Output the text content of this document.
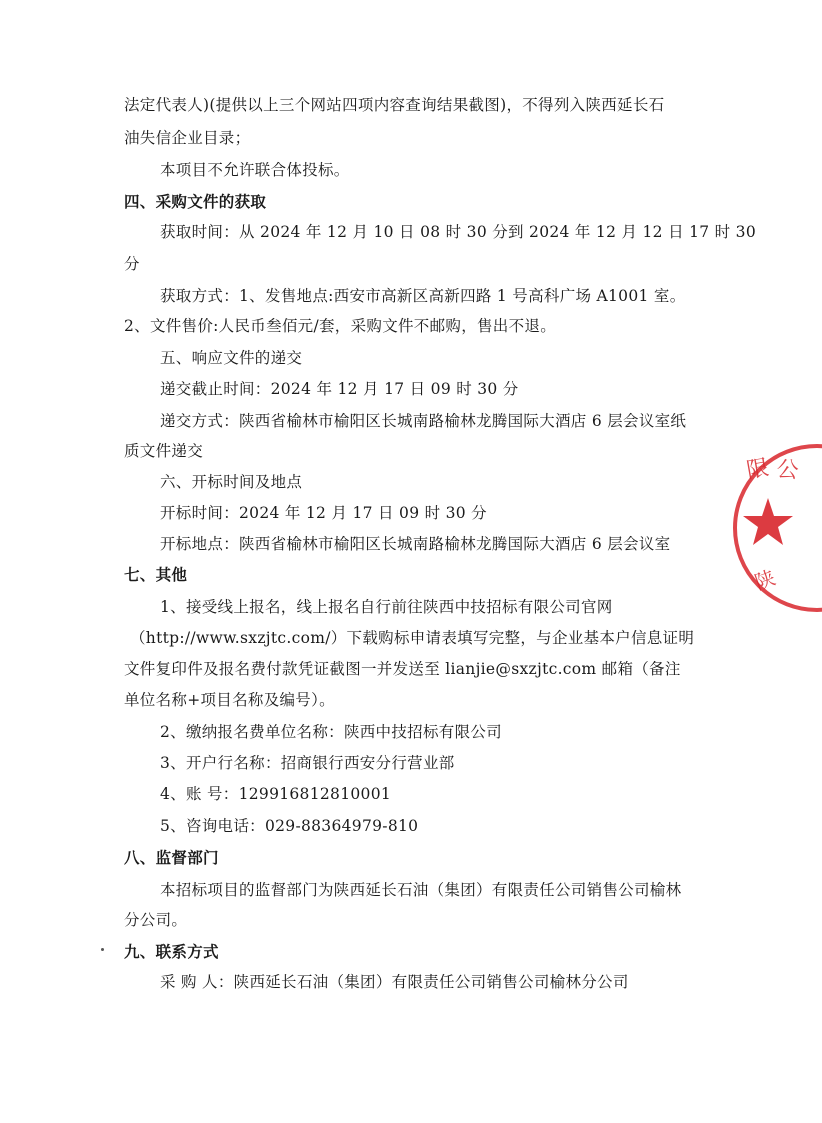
法定代表人)(提供以上三个网站四项内容查询结果截图)，不得列入陕西延长石
油失信企业目录；
本项目不允许联合体投标。
四、采购文件的获取
获取时间：从 2024 年 12 月 10 日 08 时 30 分到 2024 年 12 月 12 日 17 时 30
分
获取方式：1、发售地点:西安市高新区高新四路 1 号高科广场 A1001 室。
2、文件售价:人民币叁佰元/套，采购文件不邮购，售出不退。
五、响应文件的递交
递交截止时间：2024 年 12 月 17 日 09 时 30 分
递交方式：陕西省榆林市榆阳区长城南路榆林龙腾国际大酒店 6 层会议室纸
质文件递交
六、开标时间及地点
开标时间：2024 年 12 月 17 日 09 时 30 分
开标地点：陕西省榆林市榆阳区长城南路榆林龙腾国际大酒店 6 层会议室
七、其他
1、接受线上报名，线上报名自行前往陕西中技招标有限公司官网
（http://www.sxzjtc.com/）下载购标申请表填写完整，与企业基本户信息证明
文件复印件及报名费付款凭证截图一并发送至 lianjie@sxzjtc.com 邮箱（备注
单位名称+项目名称及编号）。
2、缴纳报名费单位名称：陕西中技招标有限公司
3、开户行名称：招商银行西安分行营业部
4、账 号：129916812810001
5、咨询电话：029-88364979-810
八、监督部门
本招标项目的监督部门为陕西延长石油（集团）有限责任公司销售公司榆林
分公司。
九、联系方式
采 购 人：陕西延长石油（集团）有限责任公司销售公司榆林分公司
限 公
陕
